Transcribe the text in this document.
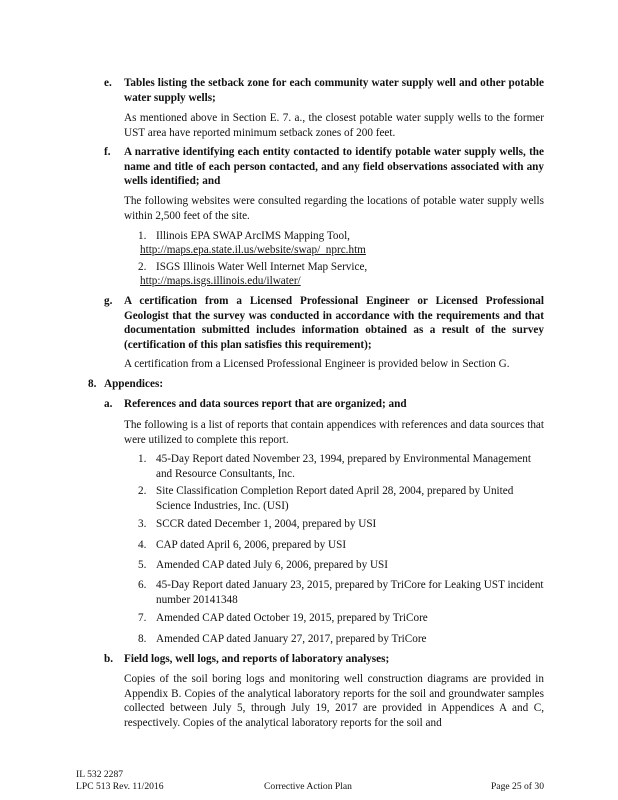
e. Tables listing the setback zone for each community water supply well and other potable water supply wells;
As mentioned above in Section E. 7. a., the closest potable water supply wells to the former UST area have reported minimum setback zones of 200 feet.
f. A narrative identifying each entity contacted to identify potable water supply wells, the name and title of each person contacted, and any field observations associated with any wells identified; and
The following websites were consulted regarding the locations of potable water supply wells within 2,500 feet of the site.
1. Illinois EPA SWAP ArcIMS Mapping Tool,
http://maps.epa.state.il.us/website/swap/_nprc.htm
2. ISGS Illinois Water Well Internet Map Service,
http://maps.isgs.illinois.edu/ilwater/
g. A certification from a Licensed Professional Engineer or Licensed Professional Geologist that the survey was conducted in accordance with the requirements and that documentation submitted includes information obtained as a result of the survey (certification of this plan satisfies this requirement);
A certification from a Licensed Professional Engineer is provided below in Section G.
8. Appendices:
a. References and data sources report that are organized; and
The following is a list of reports that contain appendices with references and data sources that were utilized to complete this report.
1. 45-Day Report dated November 23, 1994, prepared by Environmental Management and Resource Consultants, Inc.
2. Site Classification Completion Report dated April 28, 2004, prepared by United Science Industries, Inc. (USI)
3. SCCR dated December 1, 2004, prepared by USI
4. CAP dated April 6, 2006, prepared by USI
5. Amended CAP dated July 6, 2006, prepared by USI
6. 45-Day Report dated January 23, 2015, prepared by TriCore for Leaking UST incident number 20141348
7. Amended CAP dated October 19, 2015, prepared by TriCore
8. Amended CAP dated January 27, 2017, prepared by TriCore
b. Field logs, well logs, and reports of laboratory analyses;
Copies of the soil boring logs and monitoring well construction diagrams are provided in Appendix B. Copies of the analytical laboratory reports for the soil and groundwater samples collected between July 5, through July 19, 2017 are provided in Appendices A and C, respectively. Copies of the analytical laboratory reports for the soil and
IL 532 2287
LPC 513 Rev. 11/2016	Corrective Action Plan	Page 25 of 30
